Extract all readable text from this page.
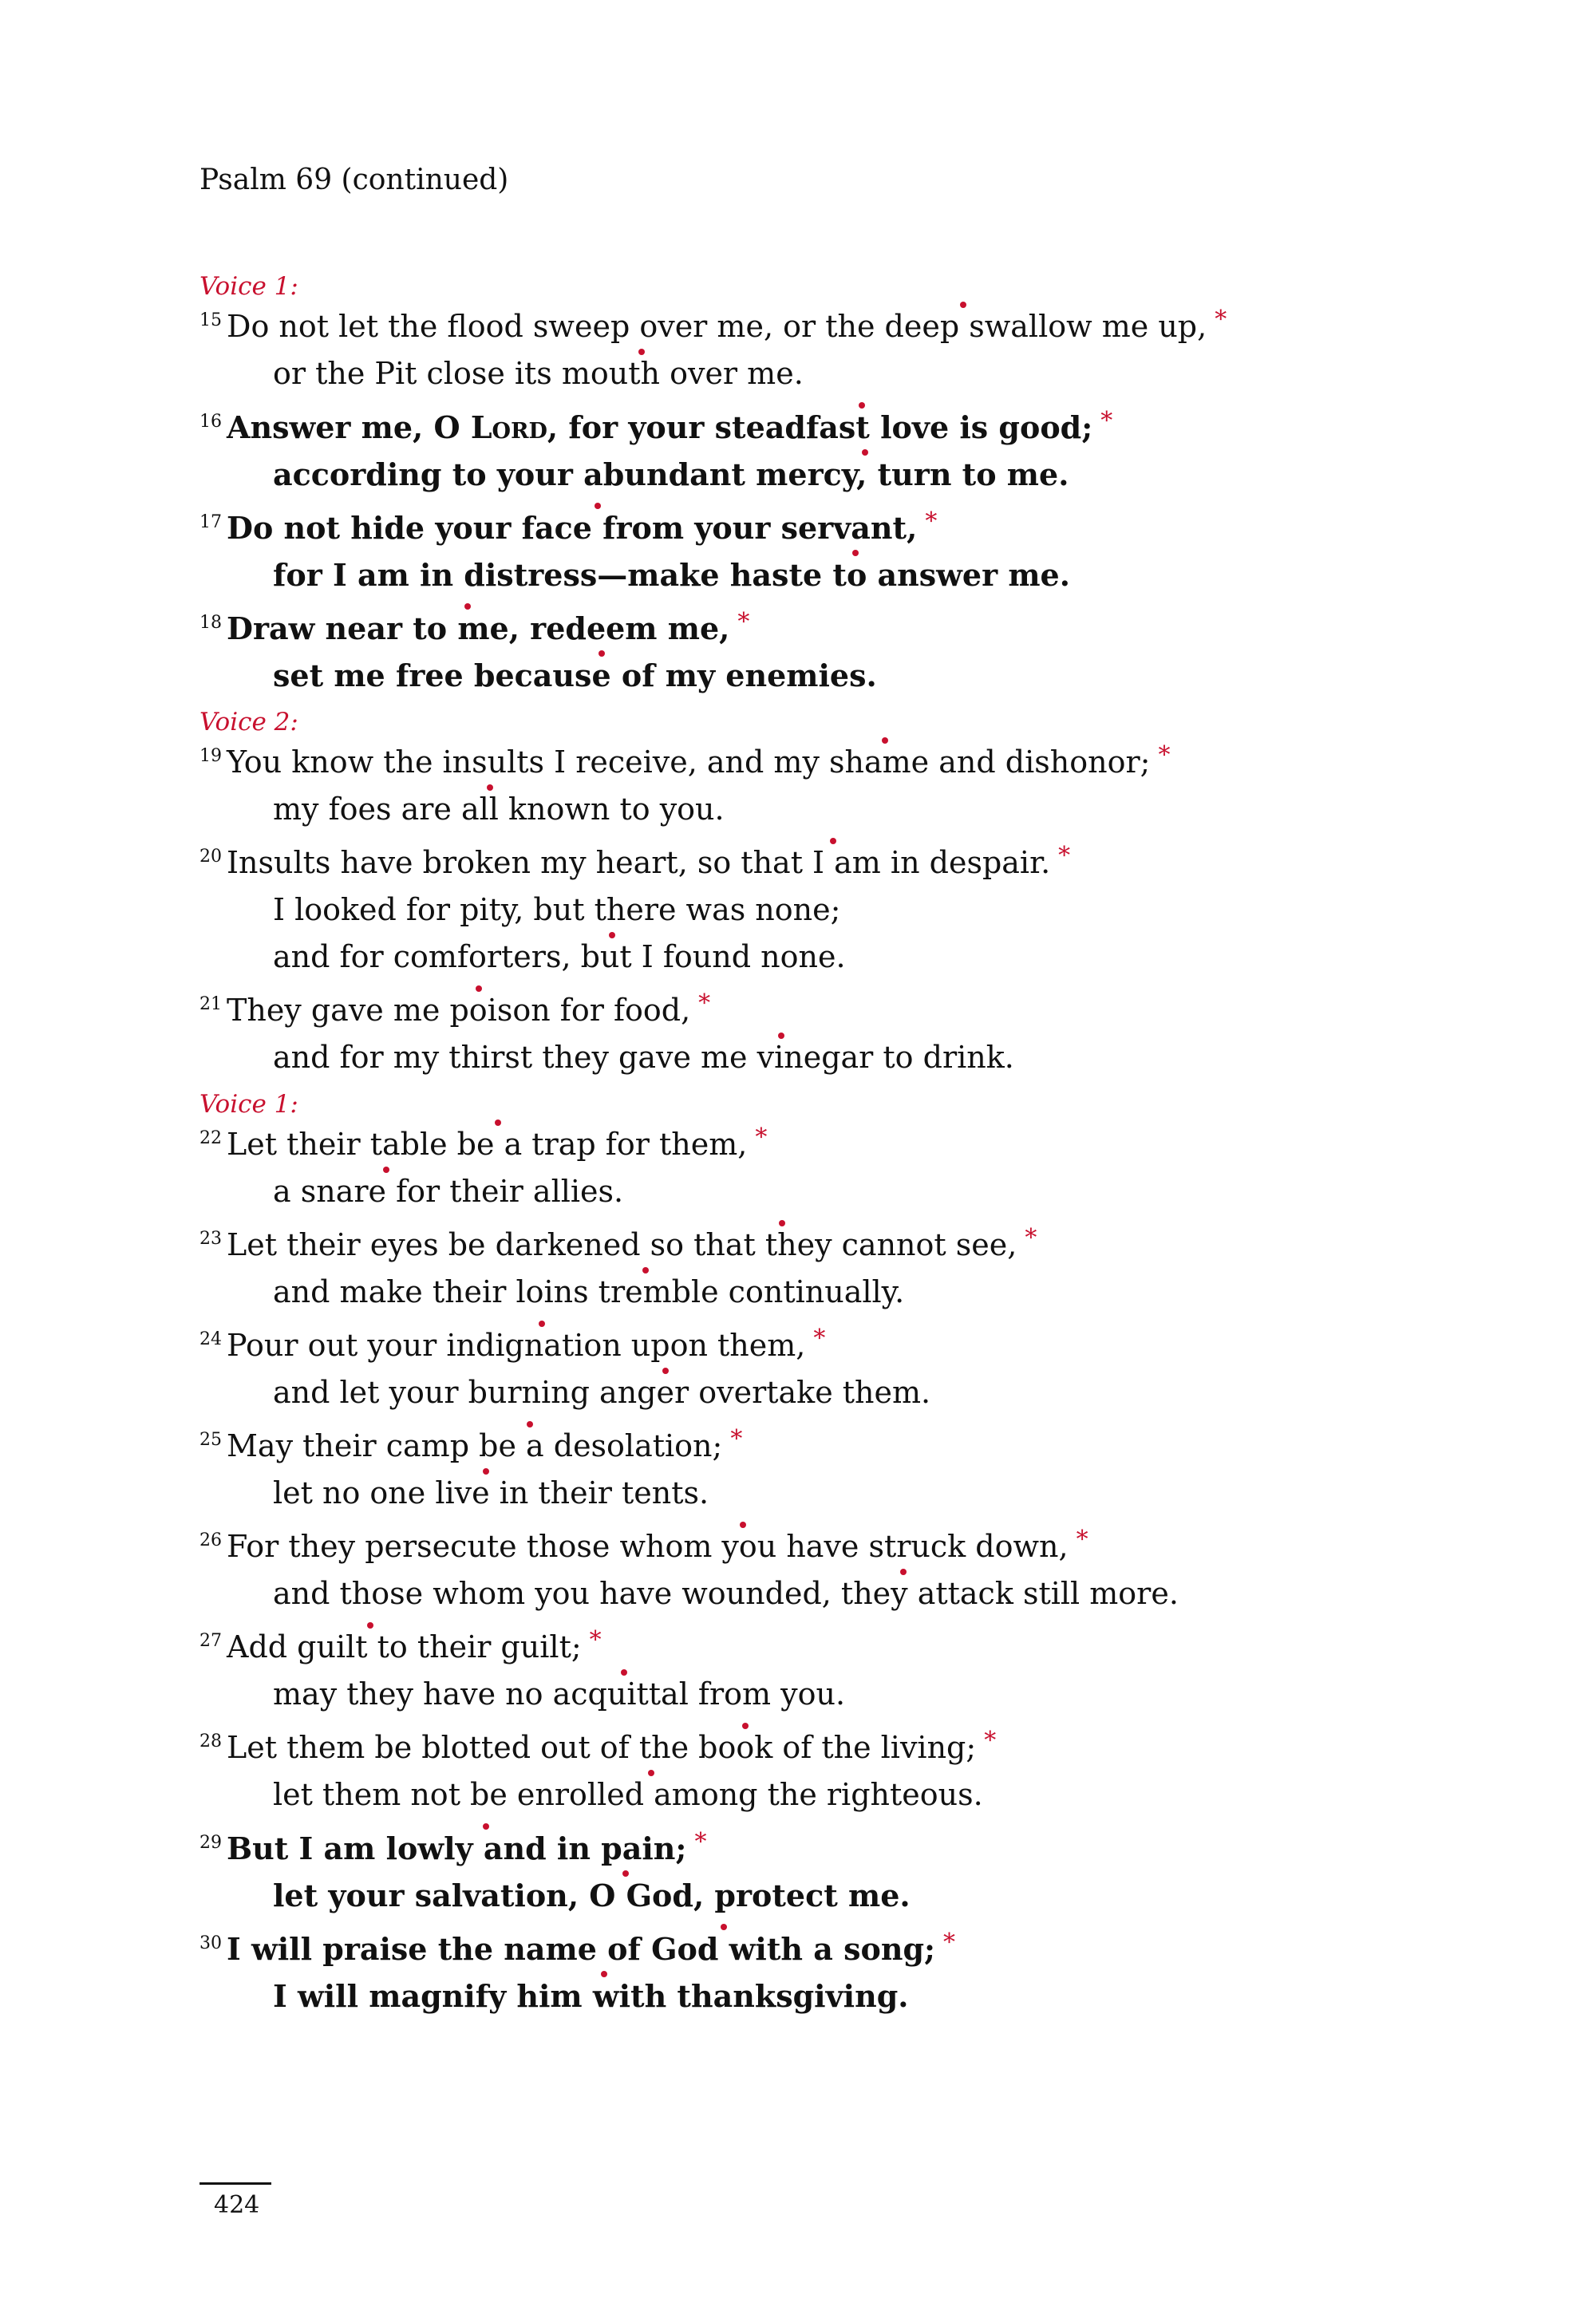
Psalm 69 (continued)
Voice 1:
$^{15}$ Do not let the flood sweep over me, or the deep swallow me up, *
or the Pit close its mouth over me.
$^{16}$ Answer me, O Lord, for your steadfast love is good; *
according to your abundant mercy, turn to me.
$^{17}$ Do not hide your face from your servant, *
for I am in distress—make haste to answer me.
$^{18}$ Draw near to me, redeem me, *
set me free because of my enemies.
Voice 2:
$^{19}$ You know the insults I receive, and my shame and dishonor; *
my foes are all known to you.
$^{20}$ Insults have broken my heart, so that I am in despair. *
I looked for pity, but there was none;
and for comforters, but I found none.
$^{21}$ They gave me poison for food, *
and for my thirst they gave me vinegar to drink.
Voice 1:
$^{22}$ Let their table be a trap for them, *
a snare for their allies.
$^{23}$ Let their eyes be darkened so that they cannot see, *
and make their loins tremble continually.
$^{24}$ Pour out your indignation upon them, *
and let your burning anger overtake them.
$^{25}$ May their camp be a desolation; *
let no one live in their tents.
$^{26}$ For they persecute those whom you have struck down, *
and those whom you have wounded, they attack still more.
$^{27}$ Add guilt to their guilt; *
may they have no acquittal from you.
$^{28}$ Let them be blotted out of the book of the living; *
let them not be enrolled among the righteous.
$^{29}$ But I am lowly and in pain; *
let your salvation, O God, protect me.
$^{30}$ I will praise the name of God with a song; *
I will magnify him with thanksgiving.
424
